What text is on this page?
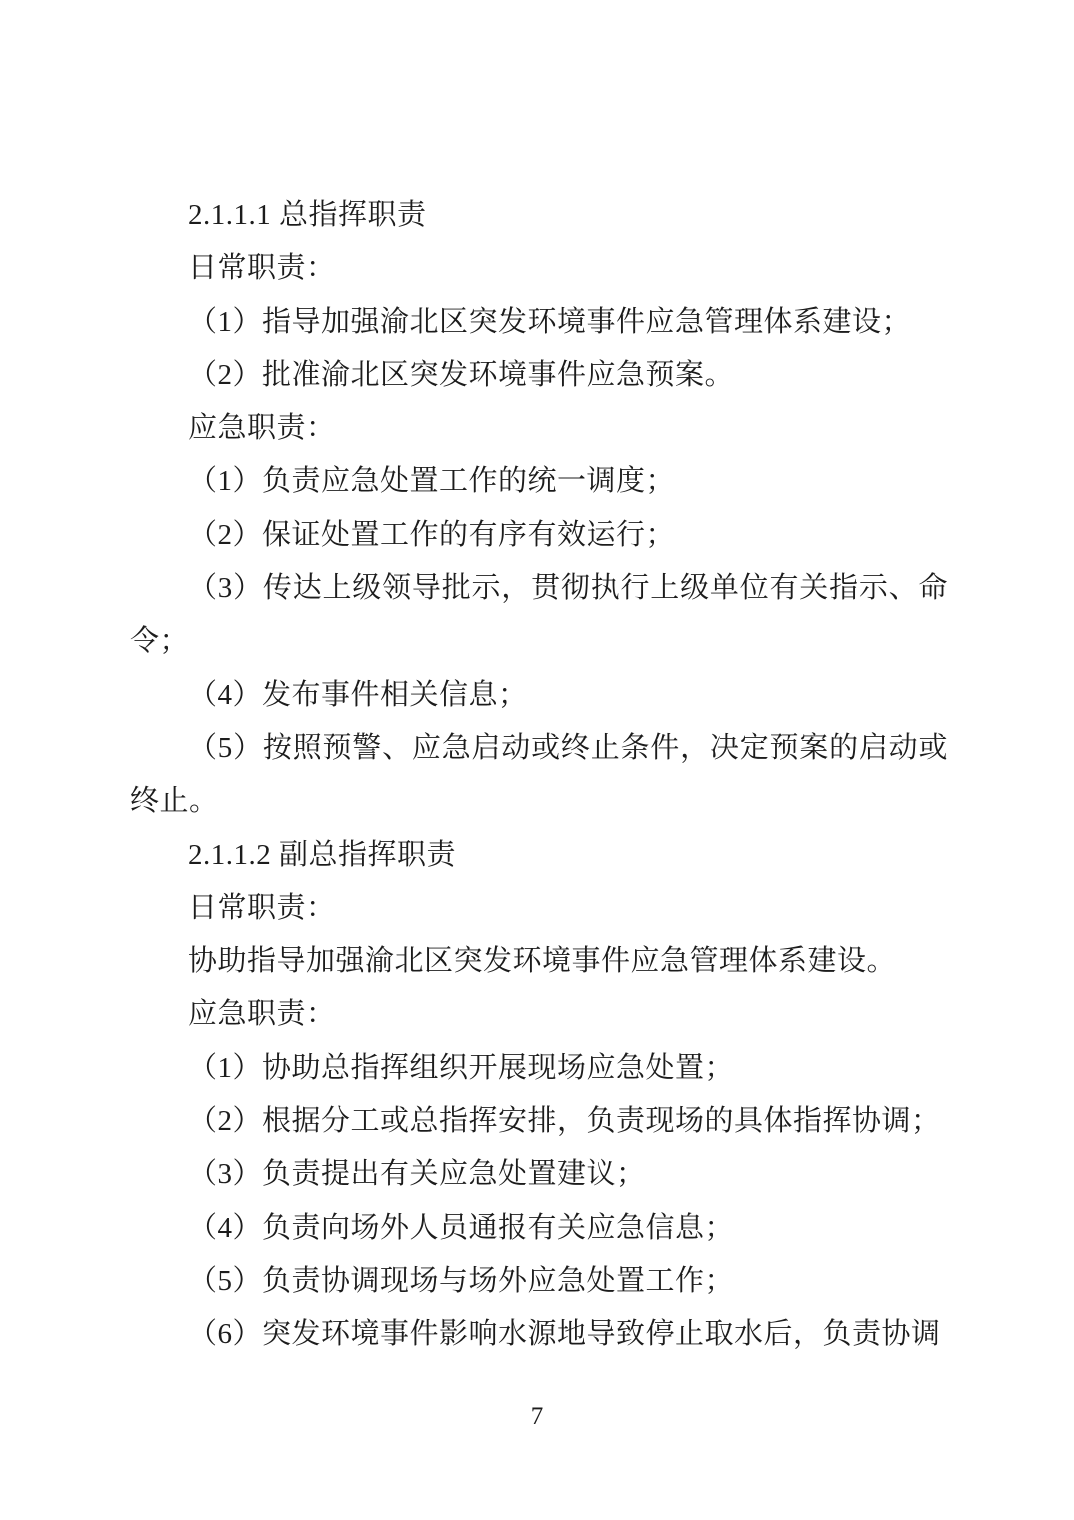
2.1.1.1 总指挥职责

日常职责：

（1）指导加强渝北区突发环境事件应急管理体系建设；

（2）批准渝北区突发环境事件应急预案。

应急职责：

（1）负责应急处置工作的统一调度；

（2）保证处置工作的有序有效运行；

（3）传达上级领导批示，贯彻执行上级单位有关指示、命令；

（4）发布事件相关信息；

（5）按照预警、应急启动或终止条件，决定预案的启动或终止。

2.1.1.2 副总指挥职责

日常职责：

协助指导加强渝北区突发环境事件应急管理体系建设。

应急职责：

（1）协助总指挥组织开展现场应急处置；

（2）根据分工或总指挥安排，负责现场的具体指挥协调；

（3）负责提出有关应急处置建议；

（4）负责向场外人员通报有关应急信息；

（5）负责协调现场与场外应急处置工作；

（6）突发环境事件影响水源地导致停止取水后，负责协调

7
